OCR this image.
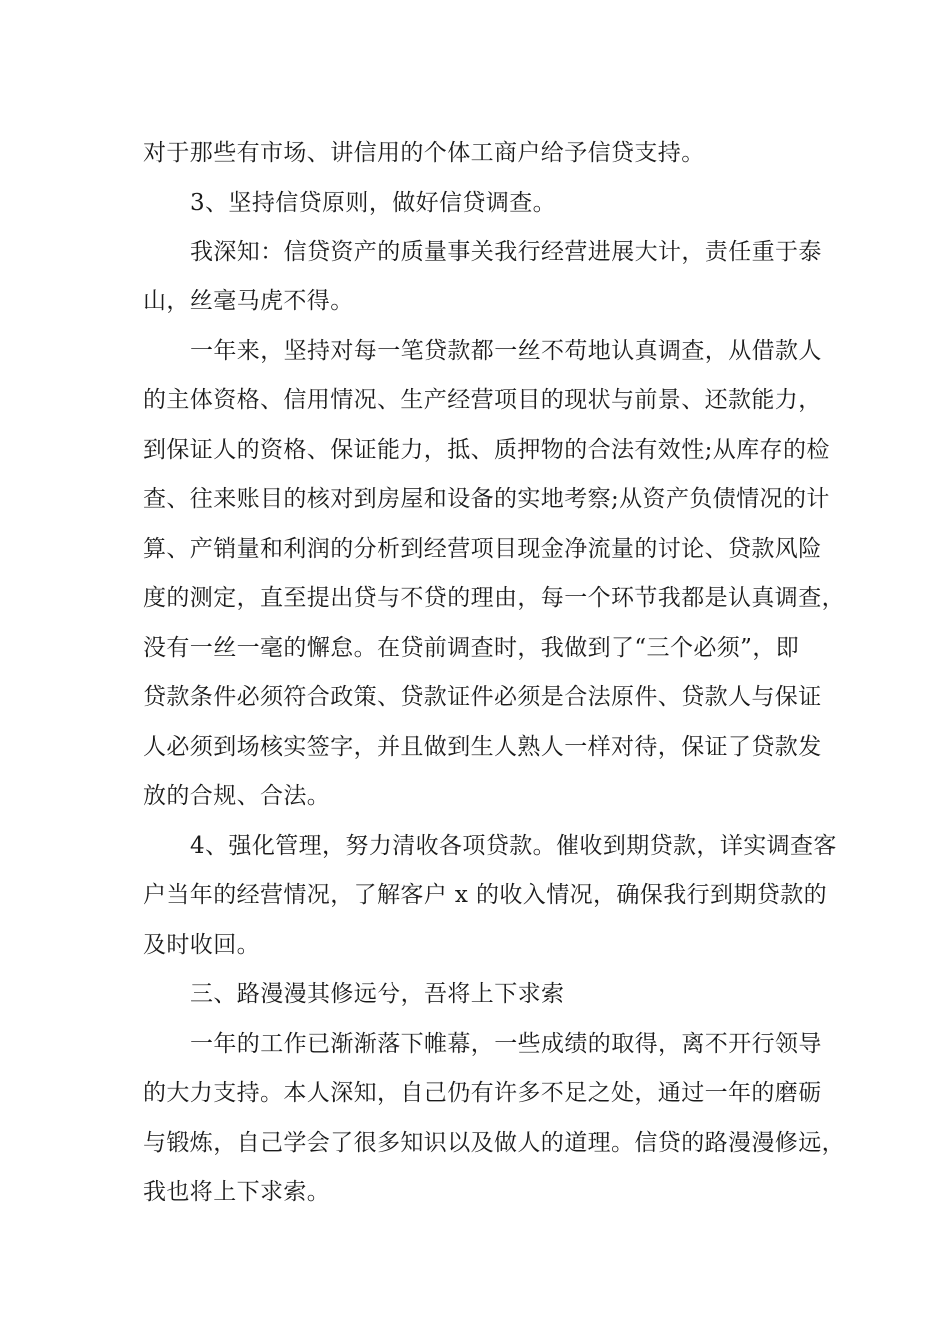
对于那些有市场、讲信用的个体工商户给予信贷支持。
3、坚持信贷原则，做好信贷调查。
我深知：信贷资产的质量事关我行经营进展大计，责任重于泰
山，丝毫马虎不得。
一年来，坚持对每一笔贷款都一丝不苟地认真调查，从借款人
的主体资格、信用情况、生产经营项目的现状与前景、还款能力，
到保证人的资格、保证能力，抵、质押物的合法有效性;从库存的检
查、往来账目的核对到房屋和设备的实地考察;从资产负债情况的计
算、产销量和利润的分析到经营项目现金净流量的讨论、贷款风险
度的测定，直至提出贷与不贷的理由，每一个环节我都是认真调查，
没有一丝一毫的懈怠。在贷前调查时，我做到了“三个必须”，即
贷款条件必须符合政策、贷款证件必须是合法原件、贷款人与保证
人必须到场核实签字，并且做到生人熟人一样对待，保证了贷款发
放的合规、合法。
4、强化管理，努力清收各项贷款。催收到期贷款，详实调查客
户当年的经营情况，了解客户 x 的收入情况，确保我行到期贷款的
及时收回。
三、路漫漫其修远兮，吾将上下求索
一年的工作已渐渐落下帷幕，一些成绩的取得，离不开行领导
的大力支持。本人深知，自己仍有许多不足之处，通过一年的磨砺
与锻炼，自己学会了很多知识以及做人的道理。信贷的路漫漫修远，
我也将上下求索。
